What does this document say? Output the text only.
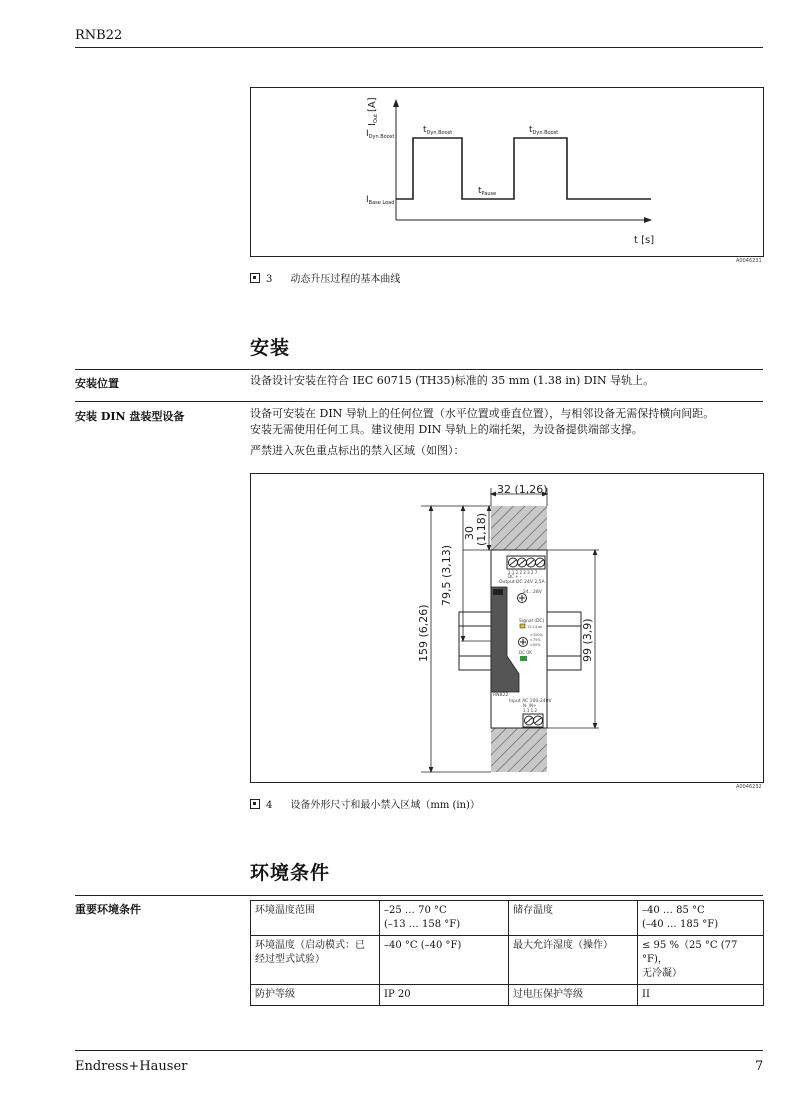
RNB22
$I_{Out}[A]$
$I_{Dyn.Boost}$
$I_{Base Load}$
$t_{Dyn.Boost}$	$t_{Dyn.Boost}$
$t_{Pause}$
t [s]
A0046231
3 动态升压过程的基本曲线
安装
安装位置	设备设计安装在符合 IEC 60715 (TH35)标准的 35 mm (1.38 in) DIN 导轨上。
安装 DIN 盘装型设备	设备可安装在 DIN 导轨上的任何位置（水平位置或垂直位置），与相邻设备无需保持横向间距。
安装无需使用任何工具。建议使用 DIN 导轨上的端托架，为设备提供端部支撑。
严禁进入灰色重点标出的禁入区域（如图）：
2.1 2.2 2.3 2.7
DC + -
Output DC 24V 2,5A
24...28V
Signal (DC)
13-14 ok
>100%
>75%
>50%
DC OK
RNB22
Input AC 100-240V
N- /N+
1.1 1.2
32 (1,26)
30 (1,18)
79,5 (3,13)
159 (6,26)	99 (3,9)
A0046232
4 设备外形尺寸和最小禁入区域（mm (in)）
环境条件
重要环境条件	环境温度范围	–25 … 70 °C
(–13 … 158 °F)	储存温度	–40 … 85 °C
(–40 … 185 °F)
环境温度（启动模式：已
经过型式试验）	–40 °C (–40 °F)	最大允许湿度（操作）	≤ 95 %（25 °C (77 °F)，
无冷凝）
防护等级	IP 20	过电压保护等级	II
Endress+Hauser	7
